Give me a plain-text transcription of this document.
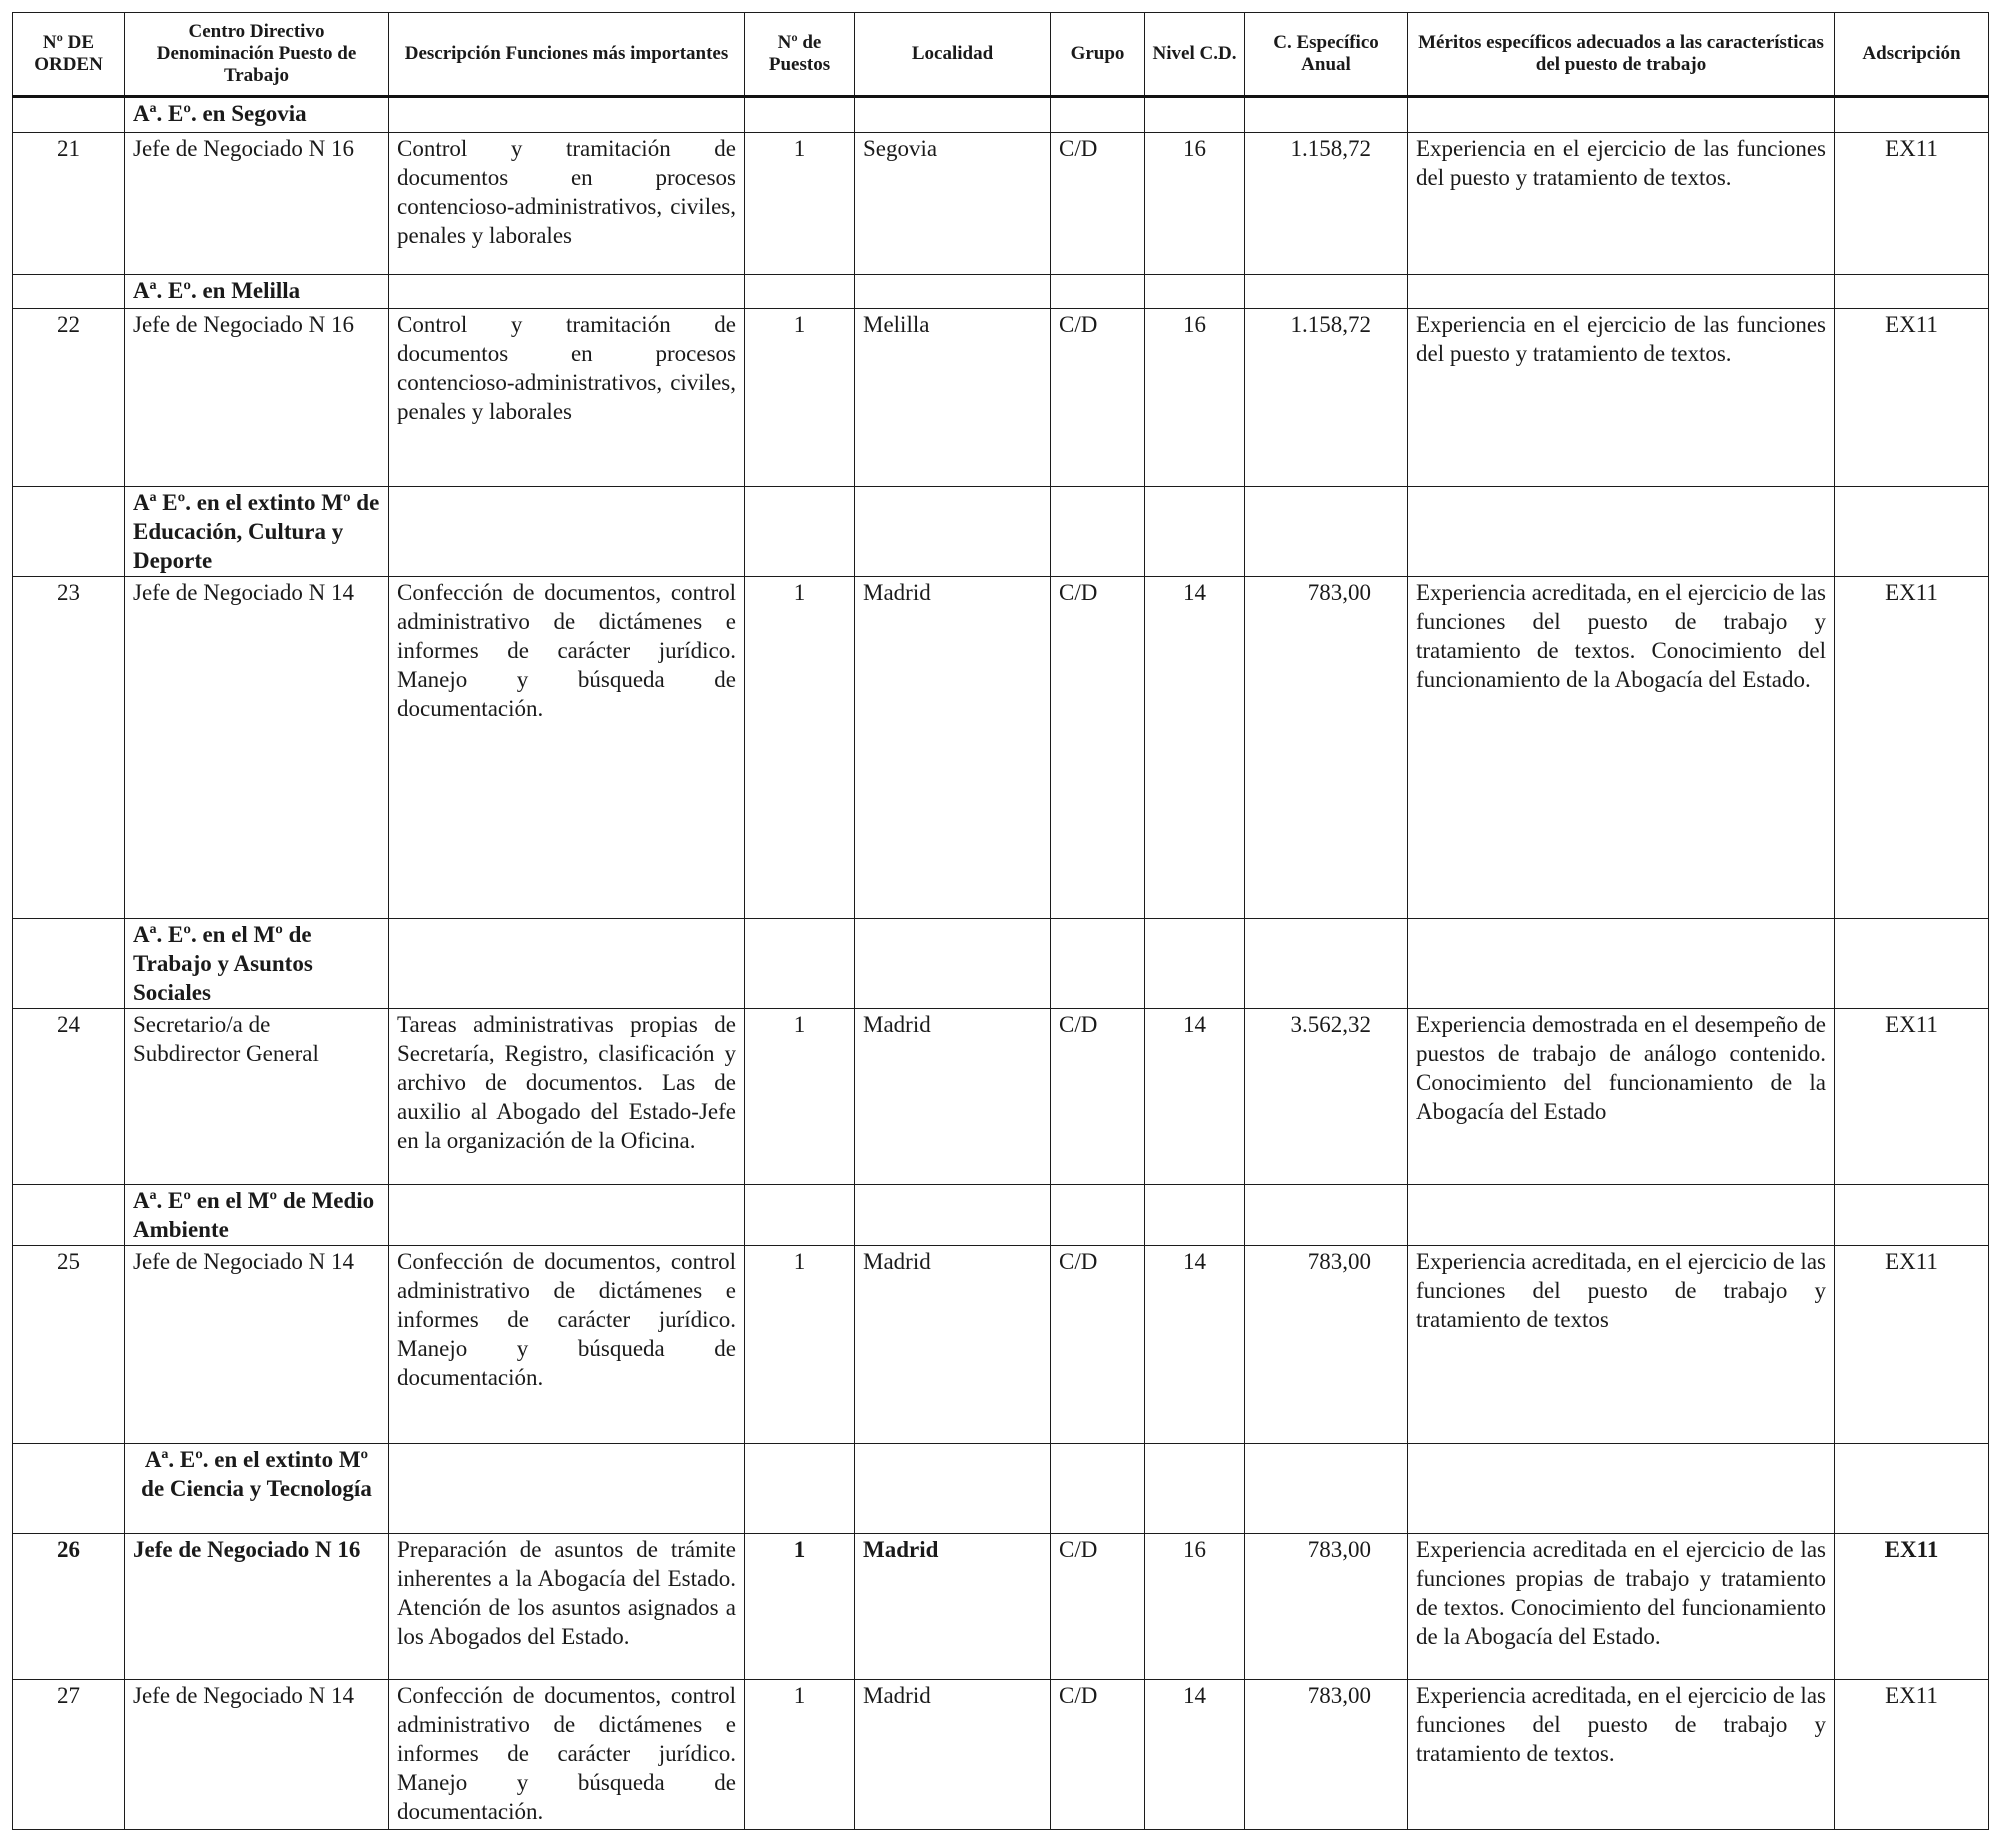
Nº DE ORDEN	Centro Directivo Denominación Puesto de Trabajo	Descripción Funciones más importantes	Nº de Puestos	Localidad	Grupo	Nivel C.D.	C. Específico Anual	Méritos específicos adecuados a las características del puesto de trabajo	Adscripción
	Aª. Eº. en Segovia								
21	Jefe de Negociado N 16	Control y tramitación de documentos en procesos contencioso-administrativos, civiles, penales y laborales	1	Segovia	C/D	16	1.158,72	Experiencia en el ejercicio de las funciones del puesto y tratamiento de textos.	EX11
	Aª. Eº. en Melilla								
22	Jefe de Negociado N 16	Control y tramitación de documentos en procesos contencioso-administrativos, civiles, penales y laborales	1	Melilla	C/D	16	1.158,72	Experiencia en el ejercicio de las funciones del puesto y tratamiento de textos.	EX11
	Aª Eº. en el extinto Mº de Educación, Cultura y Deporte								
23	Jefe de Negociado N 14	Confección de documentos, control administrativo de dictámenes e informes de carácter jurídico. Manejo y búsqueda de documentación.	1	Madrid	C/D	14	783,00	Experiencia acreditada, en el ejercicio de las funciones del puesto de trabajo y tratamiento de textos. Conocimiento del funcionamiento de la Abogacía del Estado.	EX11
	Aª. Eº. en el Mº de Trabajo y Asuntos Sociales								
24	Secretario/a de Subdirector General	Tareas administrativas propias de Secretaría, Registro, clasificación y archivo de documentos. Las de auxilio al Abogado del Estado-Jefe en la organización de la Oficina.	1	Madrid	C/D	14	3.562,32	Experiencia demostrada en el desempeño de puestos de trabajo de análogo contenido. Conocimiento del funcionamiento de la Abogacía del Estado	EX11
	Aª. Eº en el Mº de Medio Ambiente								
25	Jefe de Negociado N 14	Confección de documentos, control administrativo de dictámenes e informes de carácter jurídico. Manejo y búsqueda de documentación.	1	Madrid	C/D	14	783,00	Experiencia acreditada, en el ejercicio de las funciones del puesto de trabajo y tratamiento de textos	EX11
	Aª. Eº. en el extinto Mº de Ciencia y Tecnología								
26	Jefe de Negociado N 16	Preparación de asuntos de trámite inherentes a la Abogacía del Estado. Atención de los asuntos asignados a los Abogados del Estado.	1	Madrid	C/D	16	783,00	Experiencia acreditada en el ejercicio de las funciones propias de trabajo y tratamiento de textos. Conocimiento del funcionamiento de la Abogacía del Estado.	EX11
27	Jefe de Negociado N 14	Confección de documentos, control administrativo de dictámenes e informes de carácter jurídico. Manejo y búsqueda de documentación.	1	Madrid	C/D	14	783,00	Experiencia acreditada, en el ejercicio de las funciones del puesto de trabajo y tratamiento de textos.	EX11
